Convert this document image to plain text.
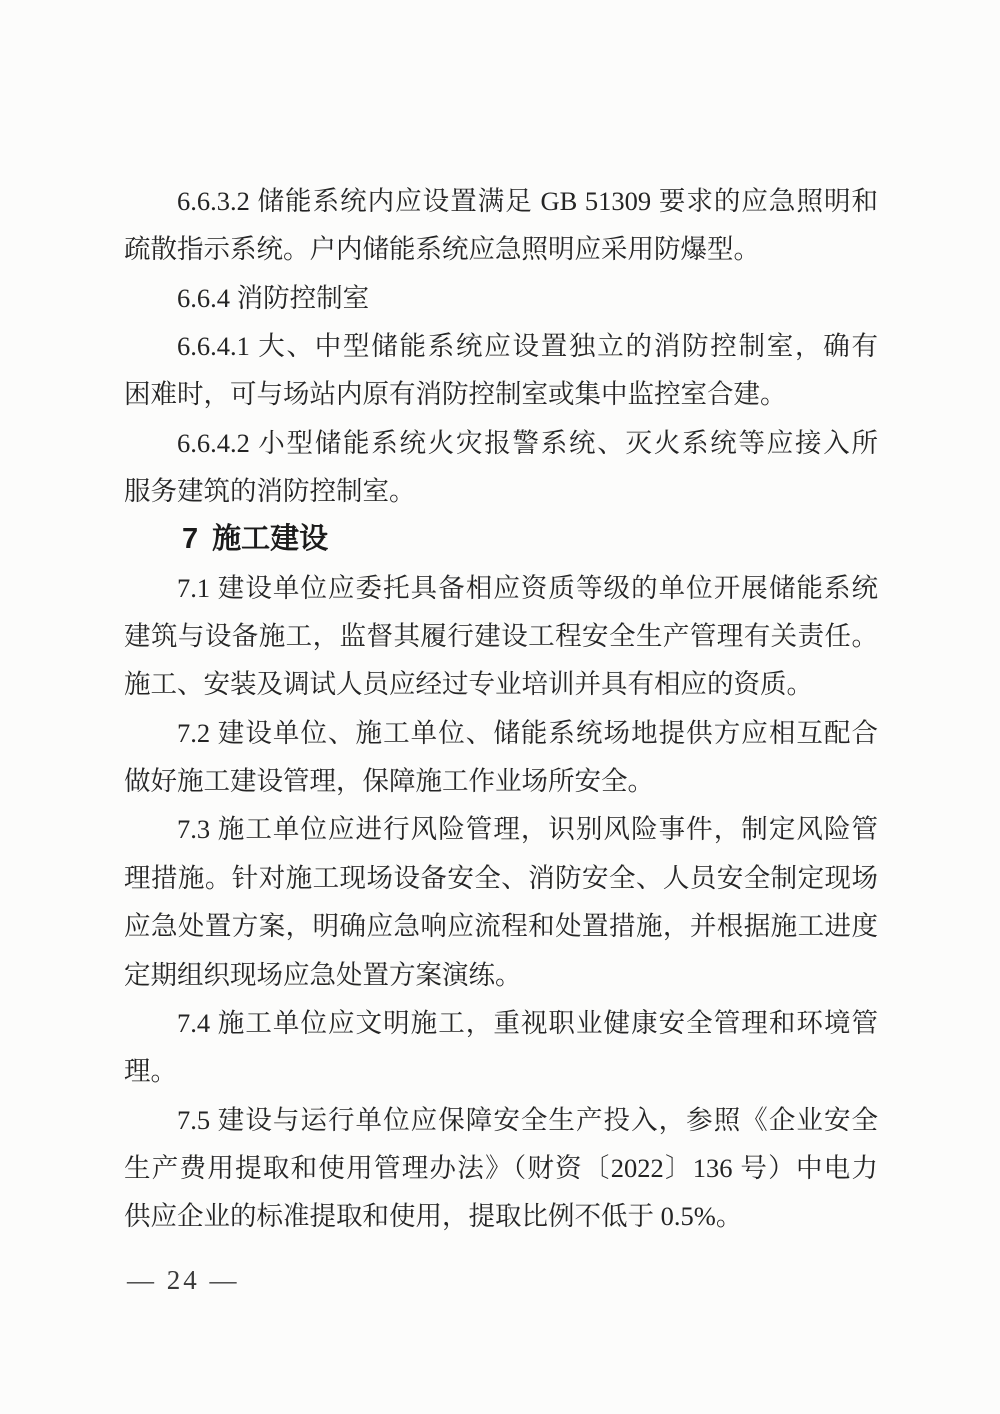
6.6.3.2 储能系统内应设置满足 GB 51309 要求的应急照明和
疏散指示系统。户内储能系统应急照明应采用防爆型。
6.6.4 消防控制室
6.6.4.1 大、中型储能系统应设置独立的消防控制室，确有
困难时，可与场站内原有消防控制室或集中监控室合建。
6.6.4.2 小型储能系统火灾报警系统、灭火系统等应接入所
服务建筑的消防控制室。
7 施工建设
7.1 建设单位应委托具备相应资质等级的单位开展储能系统
建筑与设备施工，监督其履行建设工程安全生产管理有关责任。
施工、安装及调试人员应经过专业培训并具有相应的资质。
7.2 建设单位、施工单位、储能系统场地提供方应相互配合
做好施工建设管理，保障施工作业场所安全。
7.3 施工单位应进行风险管理，识别风险事件，制定风险管
理措施。针对施工现场设备安全、消防安全、人员安全制定现场
应急处置方案，明确应急响应流程和处置措施，并根据施工进度
定期组织现场应急处置方案演练。
7.4 施工单位应文明施工，重视职业健康安全管理和环境管
理。
7.5 建设与运行单位应保障安全生产投入，参照《企业安全
生产费用提取和使用管理办法》（财资〔2022〕136 号）中电力
供应企业的标准提取和使用，提取比例不低于 0.5%。
— 24 —
